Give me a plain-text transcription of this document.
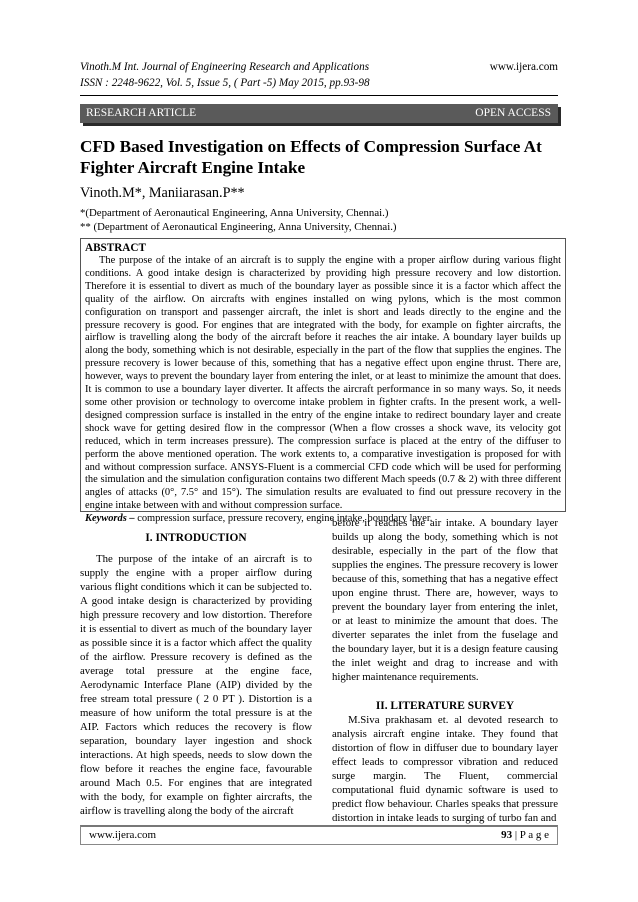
Vinoth.M Int. Journal of Engineering Research and Applications
ISSN : 2248-9622, Vol. 5, Issue 5, ( Part -5) May 2015, pp.93-98
www.ijera.com
RESEARCH ARTICLE	OPEN ACCESS
CFD Based Investigation on Effects of Compression Surface At
Fighter Aircraft Engine Intake
Vinoth.M*, Maniiarasan.P**
*(Department of Aeronautical Engineering, Anna University, Chennai.)
** (Department of Aeronautical Engineering, Anna University, Chennai.)
ABSTRACT

The purpose of the intake of an aircraft is to supply the engine with a proper airflow during various flight conditions. A good intake design is characterized by providing high pressure recovery and low distortion. Therefore it is essential to divert as much of the boundary layer as possible since it is a factor which affect the quality of the airflow. On aircrafts with engines installed on wing pylons, which is the most common configuration on transport and passenger aircraft, the inlet is short and leads directly to the engine and the pressure recovery is good. For engines that are integrated with the body, for example on fighter aircrafts, the airflow is travelling along the body of the aircraft before it reaches the air intake. A boundary layer builds up along the body, something which is not desirable, especially in the part of the flow that supplies the engines. The pressure recovery is lower because of this, something that has a negative effect upon engine thrust. There are, however, ways to prevent the boundary layer from entering the inlet, or at least to minimize the amount that does. It is common to use a boundary layer diverter. It affects the aircraft performance in so many ways. So, it needs some other provision or technology to overcome intake problem in fighter crafts. In the present work, a well-designed compression surface is installed in the entry of the engine intake to redirect boundary layer and create shock wave for getting desired flow in the compressor (When a flow crosses a shock wave, its velocity got reduced, which in term increases pressure). The compression surface is placed at the entry of the diffuser to perform the above mentioned operation. The work extents to, a comparative investigation is proposed for with and without compression surface. ANSYS-Fluent is a commercial CFD code which will be used for performing the simulation and the simulation configuration contains two different Mach speeds (0.7 & 2) with three different angles of attacks (0°, 7.5° and 15°). The simulation results are evaluated to find out pressure recovery in the engine intake between with and without compression surface.

Keywords – compression surface, pressure recovery, engine intake, boundary layer.
I. INTRODUCTION

The purpose of the intake of an aircraft is to supply the engine with a proper airflow during various flight conditions which it can be subjected to. A good intake design is characterized by providing high pressure recovery and low distortion. Therefore it is essential to divert as much of the boundary layer as possible since it is a factor which affect the quality of the airflow. Pressure recovery is defined as the average total pressure at the engine face, Aerodynamic Interface Plane (AIP) divided by the free stream total pressure ( 2 0 PT ). Distortion is a measure of how uniform the total pressure is at the AIP. Factors which reduces the recovery is flow separation, boundary layer ingestion and shock interactions. At high speeds, needs to slow down the flow before it reaches the engine face, favourable around Mach 0.5. For engines that are integrated with the body, for example on fighter aircrafts, the airflow is travelling along the body of the aircraft

before it reaches the air intake. A boundary layer builds up along the body, something which is not desirable, especially in the part of the flow that supplies the engines. The pressure recovery is lower because of this, something that has a negative effect upon engine thrust. There are, however, ways to prevent the boundary layer from entering the inlet, or at least to minimize the amount that does. The diverter separates the inlet from the fuselage and the boundary layer, but it is a design feature causing the inlet weight and drag to increase and with higher maintenance requirements.

II. LITERATURE SURVEY

M.Siva prakhasam et. al devoted research to analysis aircraft engine intake. They found that distortion of flow in diffuser due to boundary layer effect leads to compressor vibration and reduced surge margin. The Fluent, commercial computational fluid dynamic software is used to predict flow behaviour. Charles speaks that pressure distortion in intake leads to surging of turbo fan and

www.ijera.com	93 | P a g e
